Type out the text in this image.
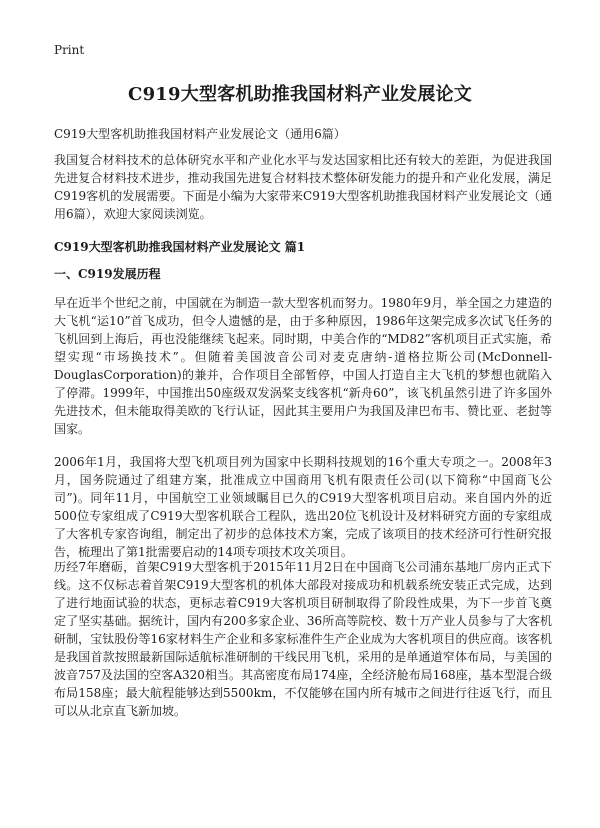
Print
C919大型客机助推我国材料产业发展论文

C919大型客机助推我国材料产业发展论文（通用6篇）

我国复合材料技术的总体研究水平和产业化水平与发达国家相比还有较大的差距，为促进我国先进复合材料技术进步，推动我国先进复合材料技术整体研发能力的提升和产业化发展，满足C919客机的发展需要。下面是小编为大家带来C919大型客机助推我国材料产业发展论文（通用6篇），欢迎大家阅读浏览。

C919大型客机助推我国材料产业发展论文 篇1
一、C919发展历程

早在近半个世纪之前，中国就在为制造一款大型客机而努力。1980年9月，举全国之力建造的大飞机“运10”首飞成功，但令人遗憾的是，由于多种原因，1986年这架完成多次试飞任务的飞机回到上海后，再也没能继续飞起来。同时期，中美合作的“MD82”客机项目正式实施，希望实现“市场换技术”。但随着美国波音公司对麦克唐纳-道格拉斯公司(McDonnell-DouglasCorporation)的兼并，合作项目全部暂停，中国人打造自主大飞机的梦想也就陷入了停滞。1999年，中国推出50座级双发涡桨支线客机“新舟60”，该飞机虽然引进了许多国外先进技术，但未能取得美欧的飞行认证，因此其主要用户为我国及津巴布韦、赞比亚、老挝等国家。

2006年1月，我国将大型飞机项目列为国家中长期科技规划的16个重大专项之一。2008年3月，国务院通过了组建方案，批准成立中国商用飞机有限责任公司(以下简称“中国商飞公司”)。同年11月，中国航空工业领域瞩目已久的C919大型客机项目启动。来自国内外的近500位专家组成了C919大型客机联合工程队，选出20位飞机设计及材料研究方面的专家组成了大客机专家咨询组，制定出了初步的总体技术方案，完成了该项目的技术经济可行性研究报告，梳理出了第1批需要启动的14项专项技术攻关项目。

历经7年磨砺，首架C919大型客机于2015年11月2日在中国商飞公司浦东基地厂房内正式下线。这不仅标志着首架C919大型客机的机体大部段对接成功和机载系统安装正式完成，达到了进行地面试验的状态，更标志着C919大客机项目研制取得了阶段性成果，为下一步首飞奠定了坚实基础。据统计，国内有200多家企业、36所高等院校、数十万产业人员参与了大客机研制，宝钛股份等16家材料生产企业和多家标准件生产企业成为大客机项目的供应商。该客机是我国首款按照最新国际适航标准研制的干线民用飞机，采用的是单通道窄体布局，与美国的波音757及法国的空客A320相当。其高密度布局174座，全经济舱布局168座，基本型混合级布局158座；最大航程能够达到5500km，不仅能够在国内所有城市之间进行往返飞行，而且可以从北京直飞新加坡。
